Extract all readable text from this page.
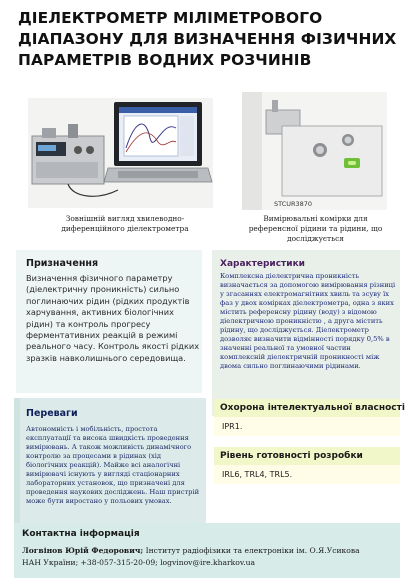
ДІЕЛЕКТРОМЕТР МІЛІМЕТРОВОГО
ДІАПАЗОНУ ДЛЯ ВИЗНАЧЕННЯ ФІЗИЧНИХ
ПАРАМЕТРІВ ВОДНИХ РОЗЧИНІВ
STCUR3870
Зовнішній вигляд хвилеводно-диференційного діелектрометра
Вимірювальні комірки для референсної рідини та рідини, що досліджується
Призначення
Визначення фізичного параметру (діелектричну проникність) сильно поглинаючих рідин (рідких продуктів харчування, активних біологічних рідин) та контроль прогресу ферментативних реакцій в режимі реального часу. Контроль якості рідких зразків навколишнього середовища.
Характеристики
Комплексна діелектрична проникність визначається за допомогою вимірювання різниці у згасаннях електромагнітних хвиль та зсуву їх фаз у двох комірках діелектрометра, одна з яких містить референсну рідину (воду) з відомою діелектричною проникністю , а друга містить рідину, що досліджується. Діелектрометр дозволяє визначити відмінності порядку 0,5% в значенні реальної та умовної частин комплексній діелектричній проникності між двома сильно поглинаючими рідинами.
Переваги
Автономність і мобільність, простота експлуатації та висока швидкість проведення вимірювань. А також можливість динамічного контролю за процесами в рідинах (хід біологічних реакцій). Майже всі аналогічні вимірювачі існують у вигляді стаціонарних лабораторних установок, що призначені для проведення наукових досліджень. Наш пристрій може бути виростано у польових умовах.
Охорона інтелектуальної власності
IPR1.
Рівень готовності розробки
IRL6, TRL4, TRL5.
Контактна інформація
Логвінов Юрій Федорович; Інститут радіофізики та електроніки ім. О.Я.Усикова
НАН України; +38-057-315-20-09; logvinov@ire.kharkov.ua
